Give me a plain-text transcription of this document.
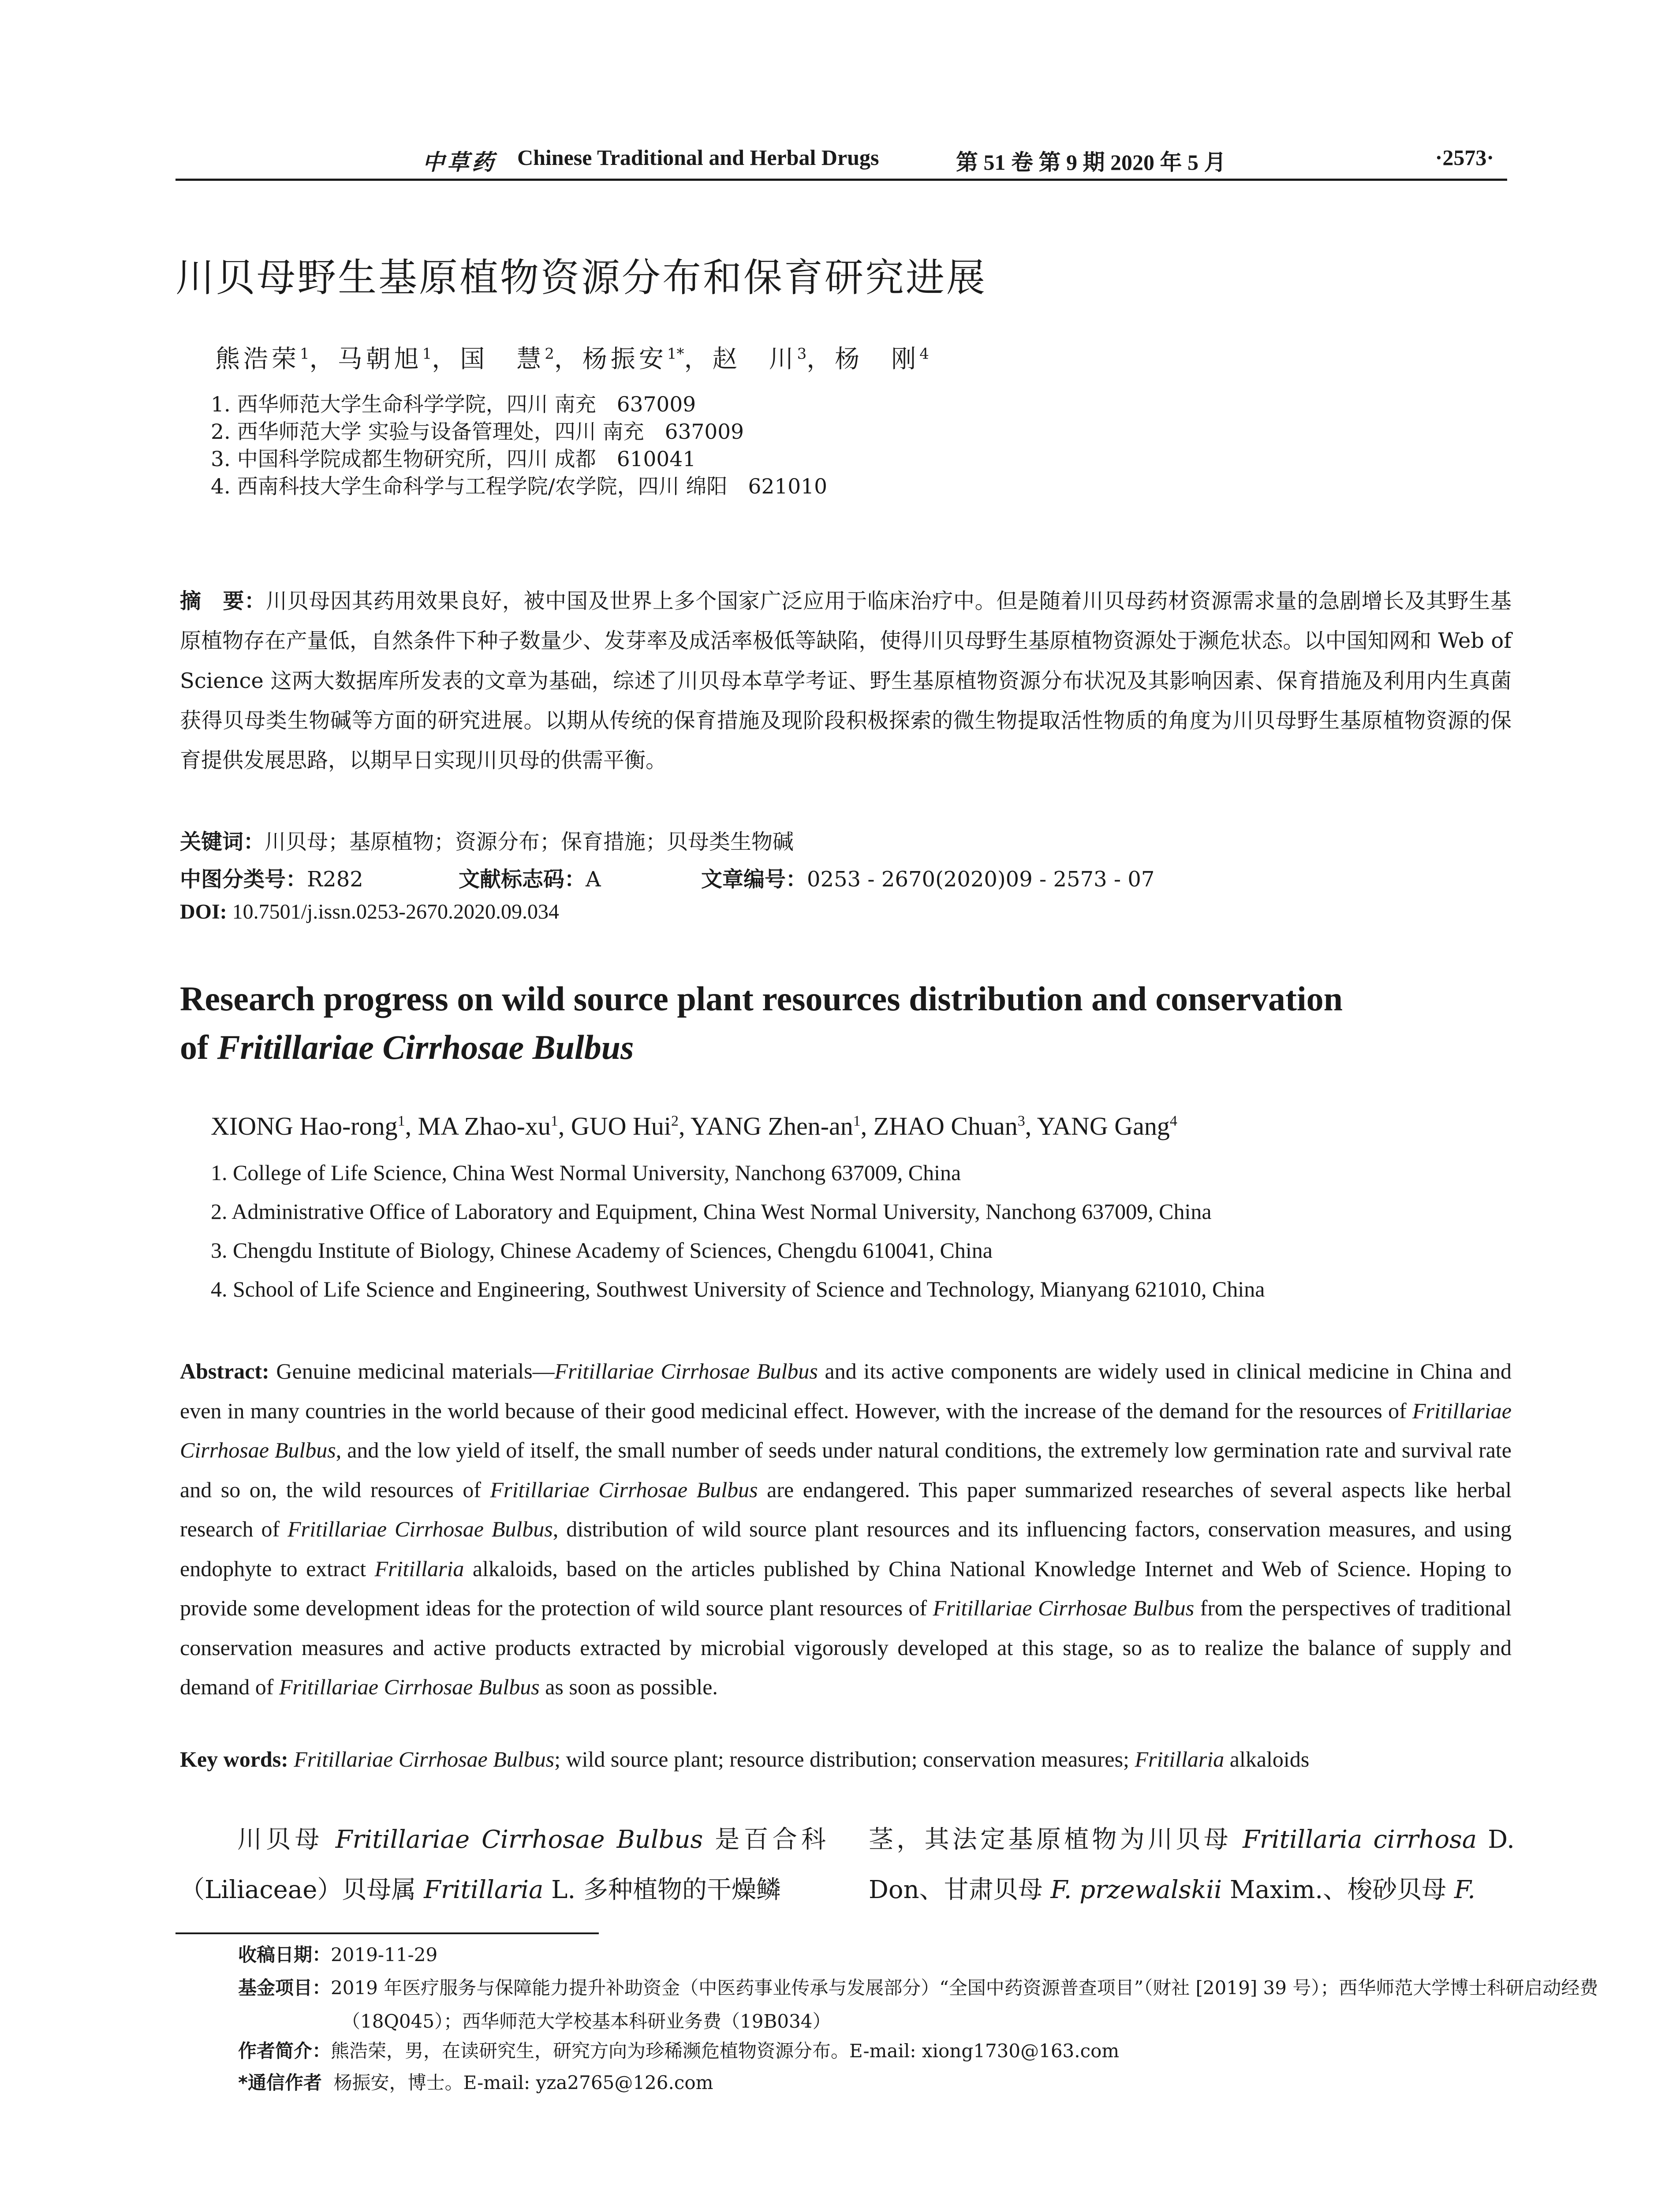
中草药 Chinese Traditional and Herbal Drugs	第 51 卷 第 9 期 2020 年 5 月	·2573·
川贝母野生基原植物资源分布和保育研究进展
熊浩荣$^1$，马朝旭$^1$，国　慧$^2$，杨振安$^{1*}$，赵　川$^3$，杨　刚$^4$
1. 西华师范大学生命科学学院，四川 南充　637009
2. 西华师范大学 实验与设备管理处，四川 南充　637009
3. 中国科学院成都生物研究所，四川 成都　610041
4. 西南科技大学生命科学与工程学院/农学院，四川 绵阳　621010
摘　要：川贝母因其药用效果良好，被中国及世界上多个国家广泛应用于临床治疗中。但是随着川贝母药材资源需求量的急剧增长及其野生基原植物存在产量低，自然条件下种子数量少、发芽率及成活率极低等缺陷，使得川贝母野生基原植物资源处于濒危状态。以中国知网和 Web of Science 这两大数据库所发表的文章为基础，综述了川贝母本草学考证、野生基原植物资源分布状况及其影响因素、保育措施及利用内生真菌获得贝母类生物碱等方面的研究进展。以期从传统的保育措施及现阶段积极探索的微生物提取活性物质的角度为川贝母野生基原植物资源的保育提供发展思路，以期早日实现川贝母的供需平衡。
关键词：川贝母；基原植物；资源分布；保育措施；贝母类生物碱
中图分类号：R282	文献标志码：A	文章编号：0253 - 2670(2020)09 - 2573 - 07
DOI: 10.7501/j.issn.0253-2670.2020.09.034
Research progress on wild source plant resources distribution and conservation
of Fritillariae Cirrhosae Bulbus
XIONG Hao-rong$^1$, MA Zhao-$xu^1$, GUO Hui$^2$, YANG Zhen-$an^1$, ZHAO Chuan$^3$, YANG Gang$^4$
1. College of Life Science, China West Normal University, Nanchong 637009, China
2. Administrative Office of Laboratory and Equipment, China West Normal University, Nanchong 637009, China
3. Chengdu Institute of Biology, Chinese Academy of Sciences, Chengdu 610041, China
4. School of Life Science and Engineering, Southwest University of Science and Technology, Mianyang 621010, China
Abstract: Genuine medicinal materials—Fritillariae Cirrhosae Bulbus and its active components are widely used in clinical medicine in China and even in many countries in the world because of their good medicinal effect. However, with the increase of the demand for the resources of Fritillariae Cirrhosae Bulbus, and the low yield of itself, the small number of seeds under natural conditions, the extremely low germination rate and survival rate and so on, the wild resources of Fritillariae Cirrhosae Bulbus are endangered. This paper summarized researches of several aspects like herbal research of Fritillariae Cirrhosae Bulbus, distribution of wild source plant resources and its influencing factors, conservation measures, and using endophyte to extract Fritillaria alkaloids, based on the articles published by China National Knowledge Internet and Web of Science. Hoping to provide some development ideas for the protection of wild source plant resources of Fritillariae Cirrhosae Bulbus from the perspectives of traditional conservation measures and active products extracted by microbial vigorously developed at this stage, so as to realize the balance of supply and demand of Fritillariae Cirrhosae Bulbus as soon as possible.
Key words: Fritillariae Cirrhosae Bulbus; wild source plant; resource distribution; conservation measures; Fritillaria alkaloids
川贝母 Fritillariae Cirrhosae Bulbus 是百合科（Liliaceae）贝母属 Fritillaria L. 多种植物的干燥鳞
茎，其法定基原植物为川贝母 Fritillaria cirrhosa D. Don、甘肃贝母 F. przewalskii Maxim.、梭砂贝母 F.
收稿日期：2019-11-29
基金项目：2019 年医疗服务与保障能力提升补助资金（中医药事业传承与发展部分）“全国中药资源普查项目”（财社 [2019] 39 号）；西华师范大学博士科研启动经费（18Q045）；西华师范大学校基本科研业务费（19B034）
作者简介：熊浩荣，男，在读研究生，研究方向为珍稀濒危植物资源分布。E-mail: xiong1730@163.com
*通信作者 杨振安，博士。E-mail: yza2765@126.com
